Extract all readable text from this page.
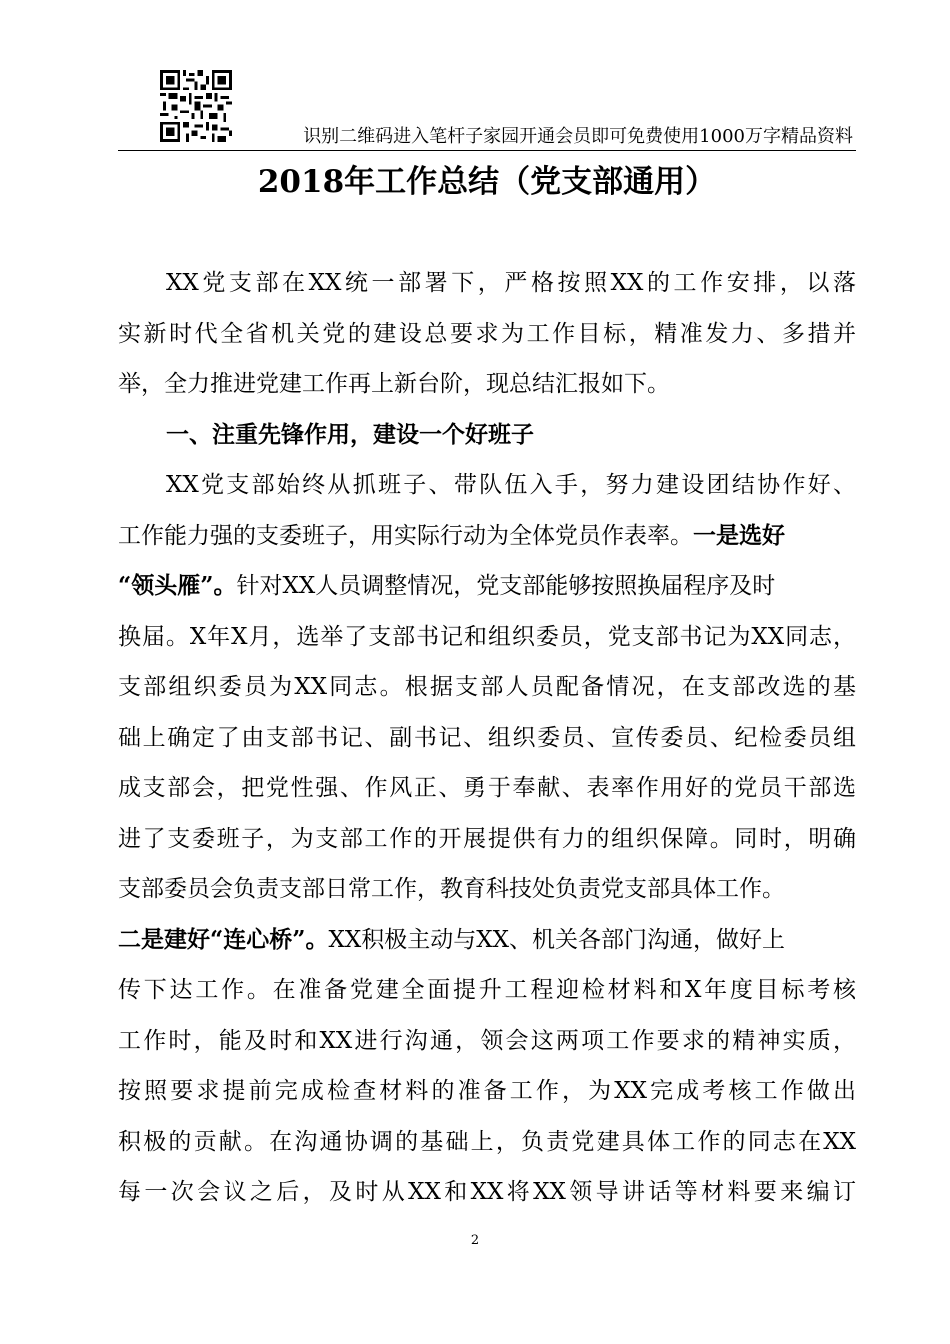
识别二维码进入笔杆子家园开通会员即可免费使用1000万字精品资料
2018年工作总结（党支部通用）
XX党支部在XX统一部署下，严格按照XX的工作安排，以落
实新时代全省机关党的建设总要求为工作目标，精准发力、多措并
举，全力推进党建工作再上新台阶，现总结汇报如下。
一、注重先锋作用，建设一个好班子
XX党支部始终从抓班子、带队伍入手，努力建设团结协作好、
工作能力强的支委班子，用实际行动为全体党员作表率。一是选好
“领头雁”。针对XX人员调整情况，党支部能够按照换届程序及时
换届。X年X月，选举了支部书记和组织委员，党支部书记为XX同志，
支部组织委员为XX同志。根据支部人员配备情况，在支部改选的基
础上确定了由支部书记、副书记、组织委员、宣传委员、纪检委员组
成支部会，把党性强、作风正、勇于奉献、表率作用好的党员干部选
进了支委班子，为支部工作的开展提供有力的组织保障。同时，明确
支部委员会负责支部日常工作，教育科技处负责党支部具体工作。
二是建好“连心桥”。XX积极主动与XX、机关各部门沟通，做好上
传下达工作。在准备党建全面提升工程迎检材料和X年度目标考核
工作时，能及时和XX进行沟通，领会这两项工作要求的精神实质，
按照要求提前完成检查材料的准备工作，为XX完成考核工作做出
积极的贡献。在沟通协调的基础上，负责党建具体工作的同志在XX
每一次会议之后，及时从XX和XX将XX领导讲话等材料要来编订
2
